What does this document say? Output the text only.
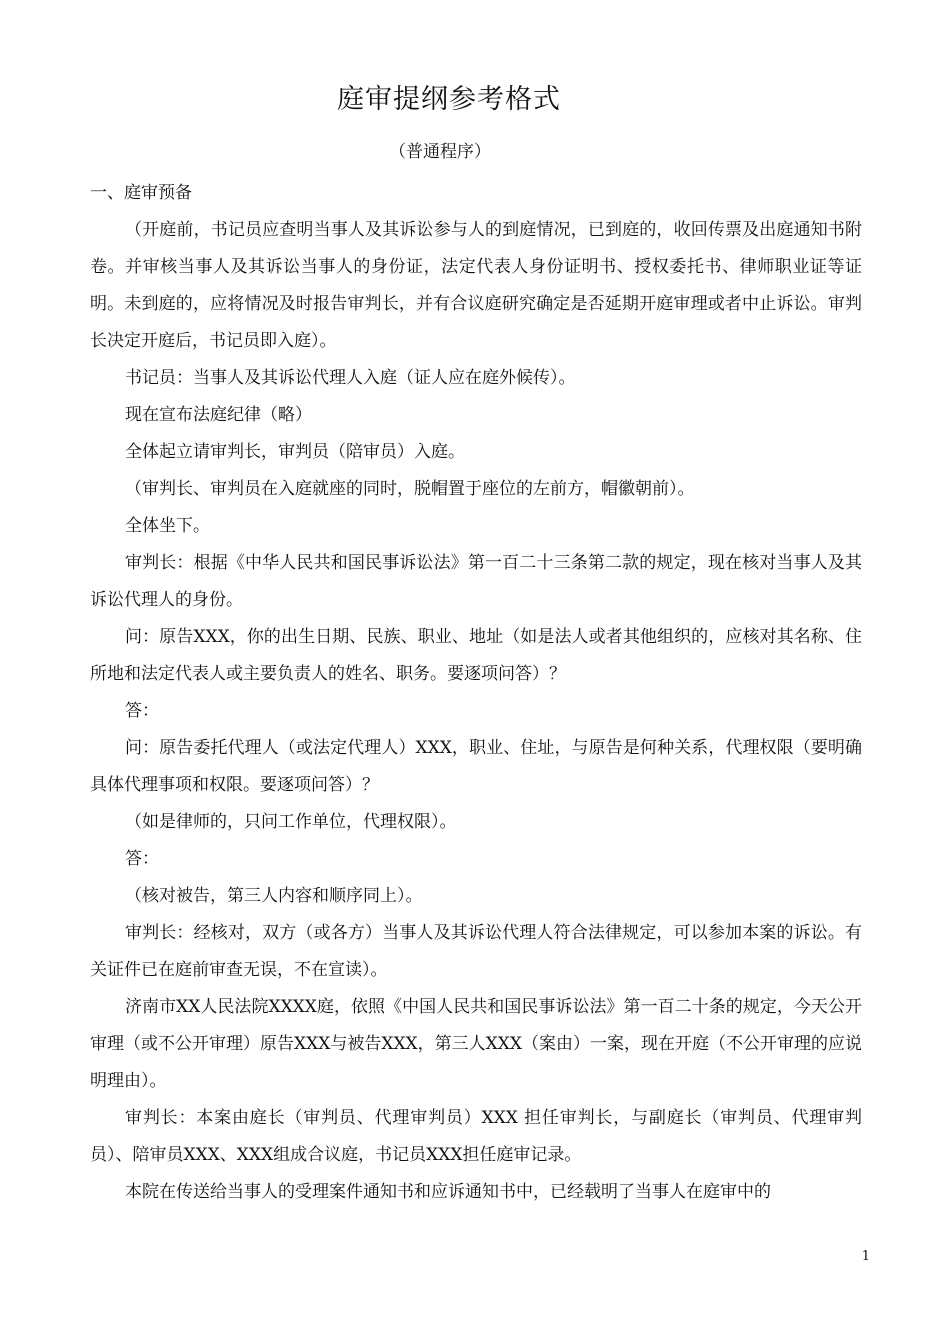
庭审提纲参考格式
（普通程序）

一、庭审预备

（开庭前，书记员应查明当事人及其诉讼参与人的到庭情况，已到庭的，收回传票及出庭通知书附卷。并审核当事人及其诉讼当事人的身份证，法定代表人身份证明书、授权委托书、律师职业证等证明。未到庭的，应将情况及时报告审判长，并有合议庭研究确定是否延期开庭审理或者中止诉讼。审判长决定开庭后，书记员即入庭）。

书记员：当事人及其诉讼代理人入庭（证人应在庭外候传）。

现在宣布法庭纪律（略）

全体起立请审判长，审判员（陪审员）入庭。

（审判长、审判员在入庭就座的同时，脱帽置于座位的左前方，帽徽朝前）。

全体坐下。

审判长：根据《中华人民共和国民事诉讼法》第一百二十三条第二款的规定，现在核对当事人及其诉讼代理人的身份。

问：原告XXX，你的出生日期、民族、职业、地址（如是法人或者其他组织的，应核对其名称、住所地和法定代表人或主要负责人的姓名、职务。要逐项问答）？

答：

问：原告委托代理人（或法定代理人）XXX，职业、住址，与原告是何种关系，代理权限（要明确具体代理事项和权限。要逐项问答）？

（如是律师的，只问工作单位，代理权限）。

答：

（核对被告，第三人内容和顺序同上）。

审判长：经核对，双方（或各方）当事人及其诉讼代理人符合法律规定，可以参加本案的诉讼。有关证件已在庭前审查无误，不在宣读）。

济南市XX人民法院XXXX庭，依照《中国人民共和国民事诉讼法》第一百二十条的规定，今天公开审理（或不公开审理）原告XXX与被告XXX，第三人XXX（案由）一案，现在开庭（不公开审理的应说明理由）。

审判长：本案由庭长（审判员、代理审判员）XXX 担任审判长，与副庭长（审判员、代理审判员）、陪审员XXX、XXX组成合议庭，书记员XXX担任庭审记录。

本院在传送给当事人的受理案件通知书和应诉通知书中，已经载明了当事人在庭审中的

1
